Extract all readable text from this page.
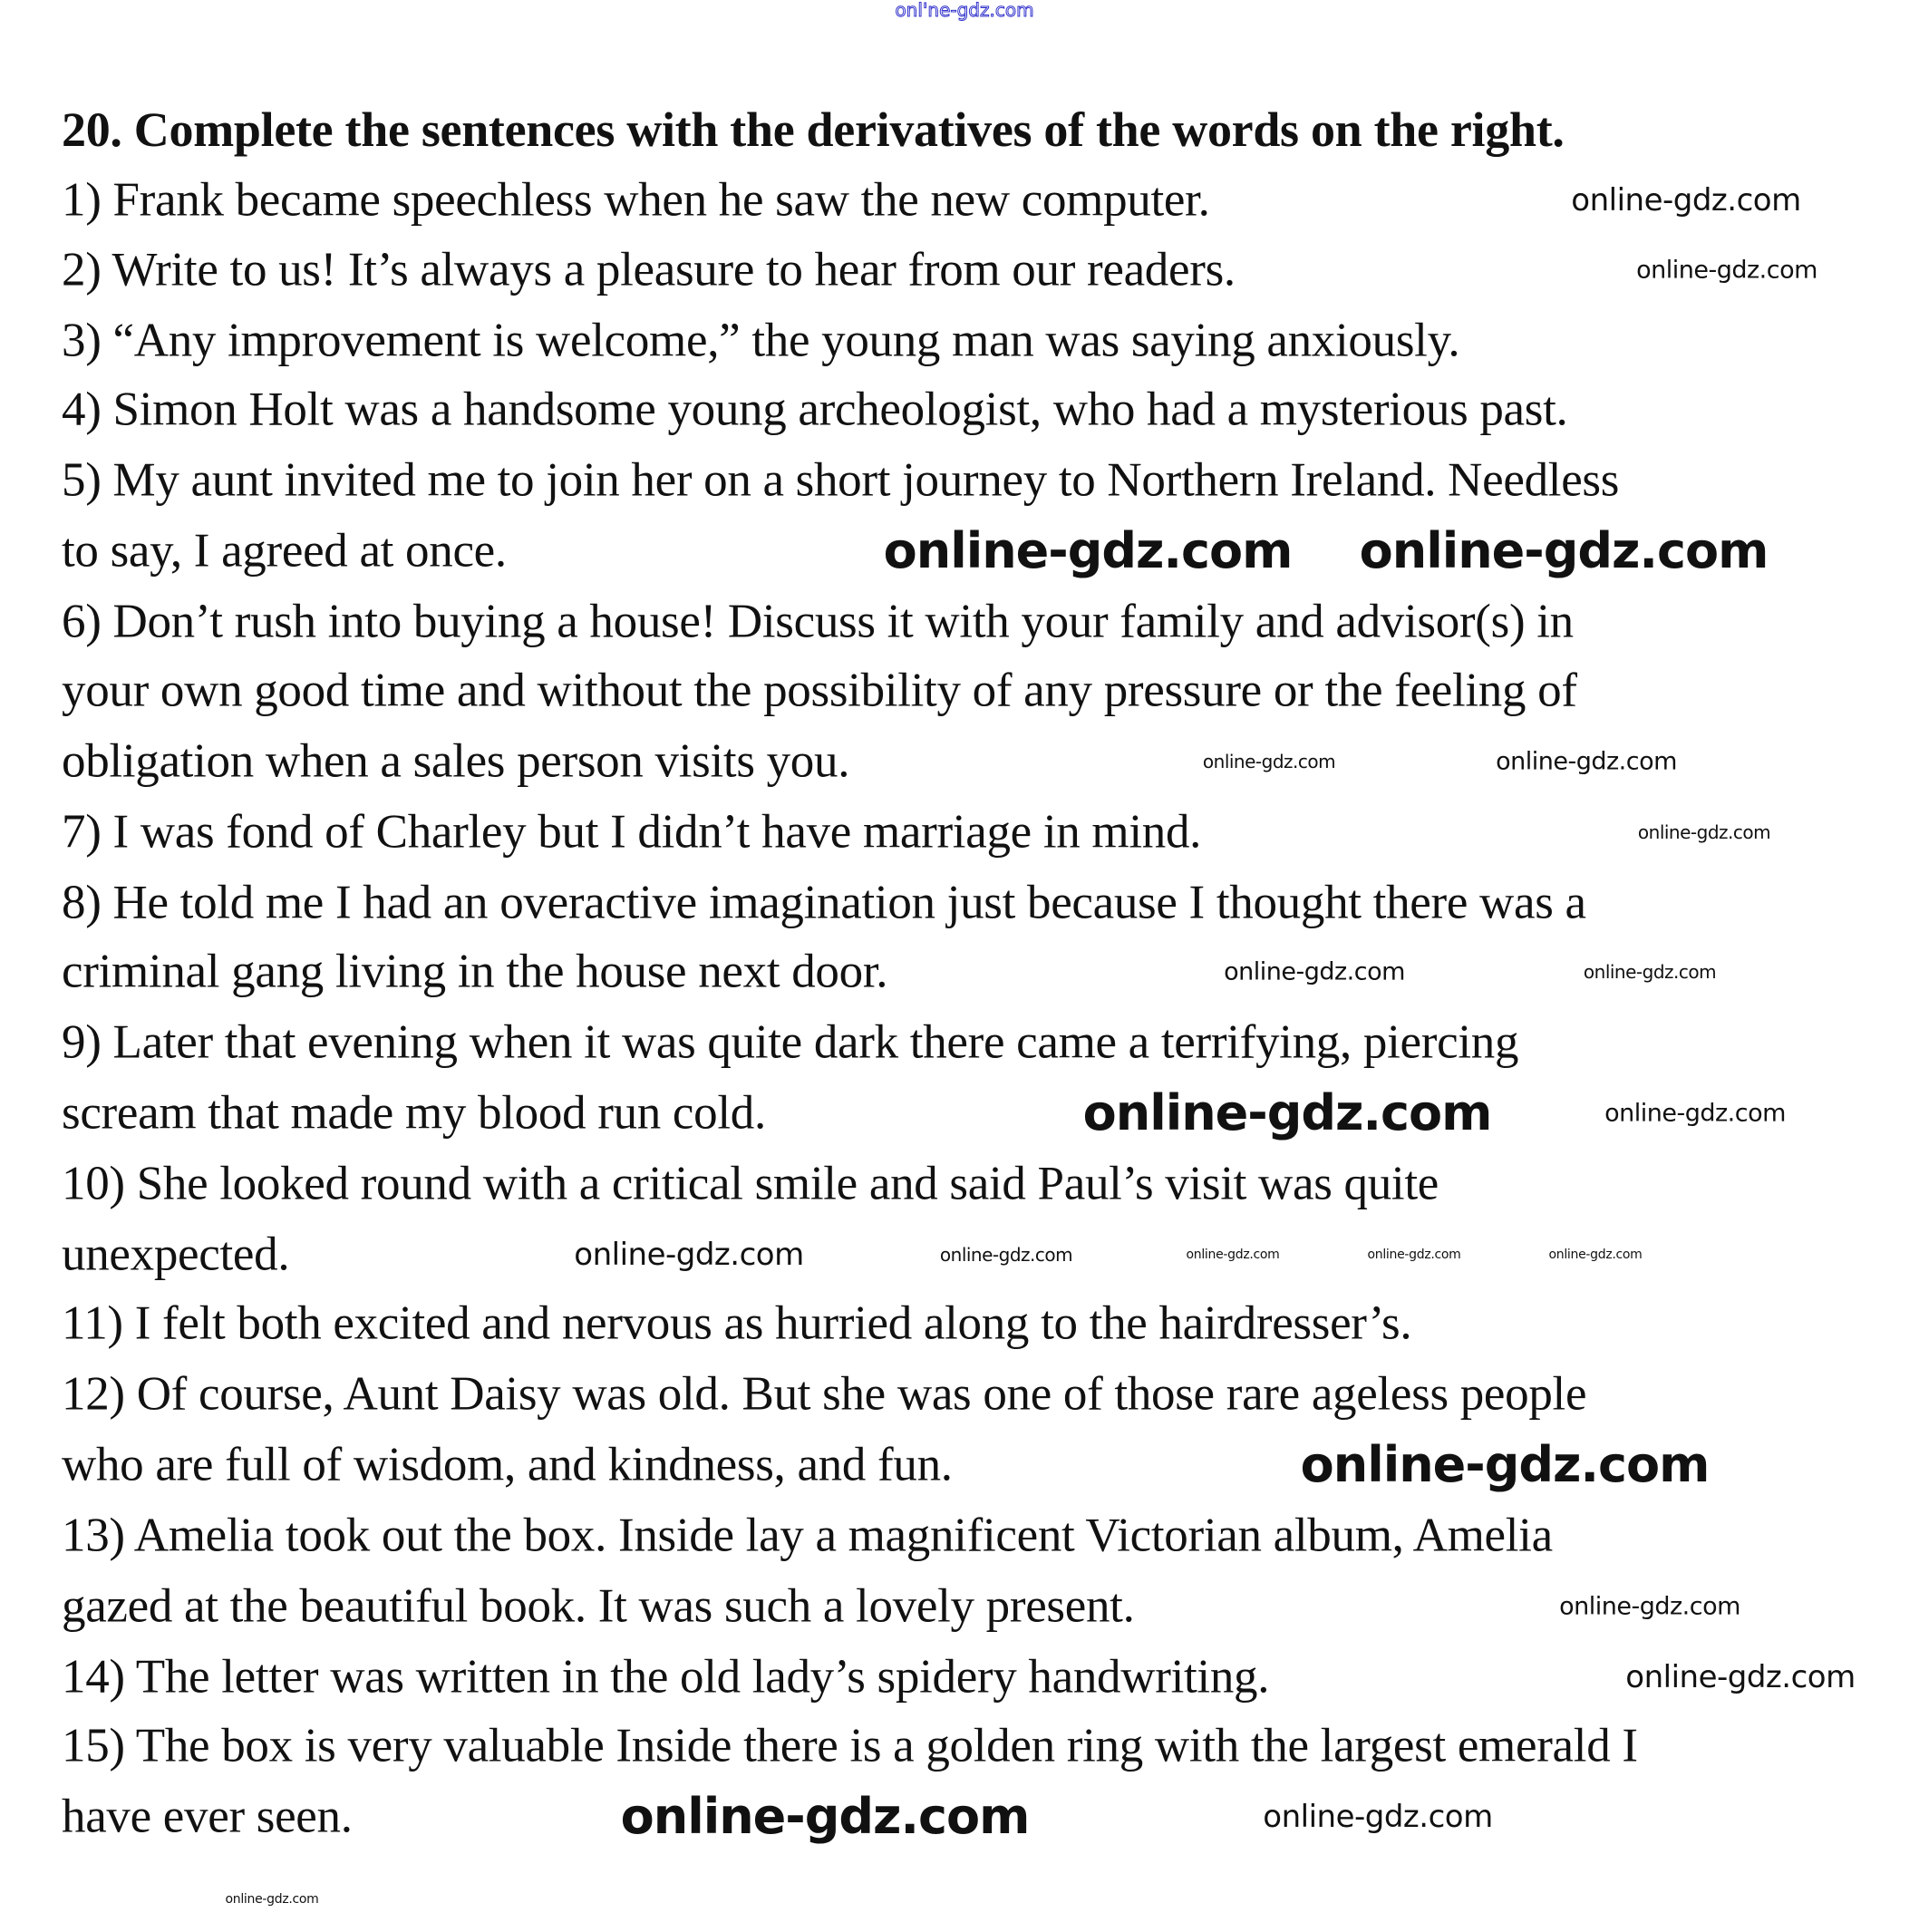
onl'ne-gdz.com
20. Complete the sentences with the derivatives of the words on the right.
1) Frank became speechless when he saw the new computer.
2) Write to us! It’s always a pleasure to hear from our readers.
3) “Any improvement is welcome,” the young man was saying anxiously.
4) Simon Holt was a handsome young archeologist, who had a mysterious past.
5) My aunt invited me to join her on a short journey to Northern Ireland. Needless
to say, I agreed at once.
6) Don’t rush into buying a house! Discuss it with your family and advisor(s) in
your own good time and without the possibility of any pressure or the feeling of
obligation when a sales person visits you.
7) I was fond of Charley but I didn’t have marriage in mind.
8) He told me I had an overactive imagination just because I thought there was a
criminal gang living in the house next door.
9) Later that evening when it was quite dark there came a terrifying, piercing
scream that made my blood run cold.
10) She looked round with a critical smile and said Paul’s visit was quite
unexpected.
11) I felt both excited and nervous as hurried along to the hairdresser’s.
12) Of course, Aunt Daisy was old. But she was one of those rare ageless people
who are full of wisdom, and kindness, and fun.
13) Amelia took out the box. Inside lay a magnificent Victorian album, Amelia
gazed at the beautiful book. It was such a lovely present.
14) The letter was written in the old lady’s spidery handwriting.
15) The box is very valuable Inside there is a golden ring with the largest emerald I
have ever seen.
online-gdz.com
online-gdz.com
online-gdz.com online-gdz.com
online-gdz.com	online-gdz.com
online-gdz.com
online-gdz.com	online-gdz.com
online-gdz.com	online-gdz.com
online-gdz.com	online-gdz.com	online-gdz.com	online-gdz.com	online-gdz.com
online-gdz.com
online-gdz.com
online-gdz.com
online-gdz.com	online-gdz.com
online-gdz.com
